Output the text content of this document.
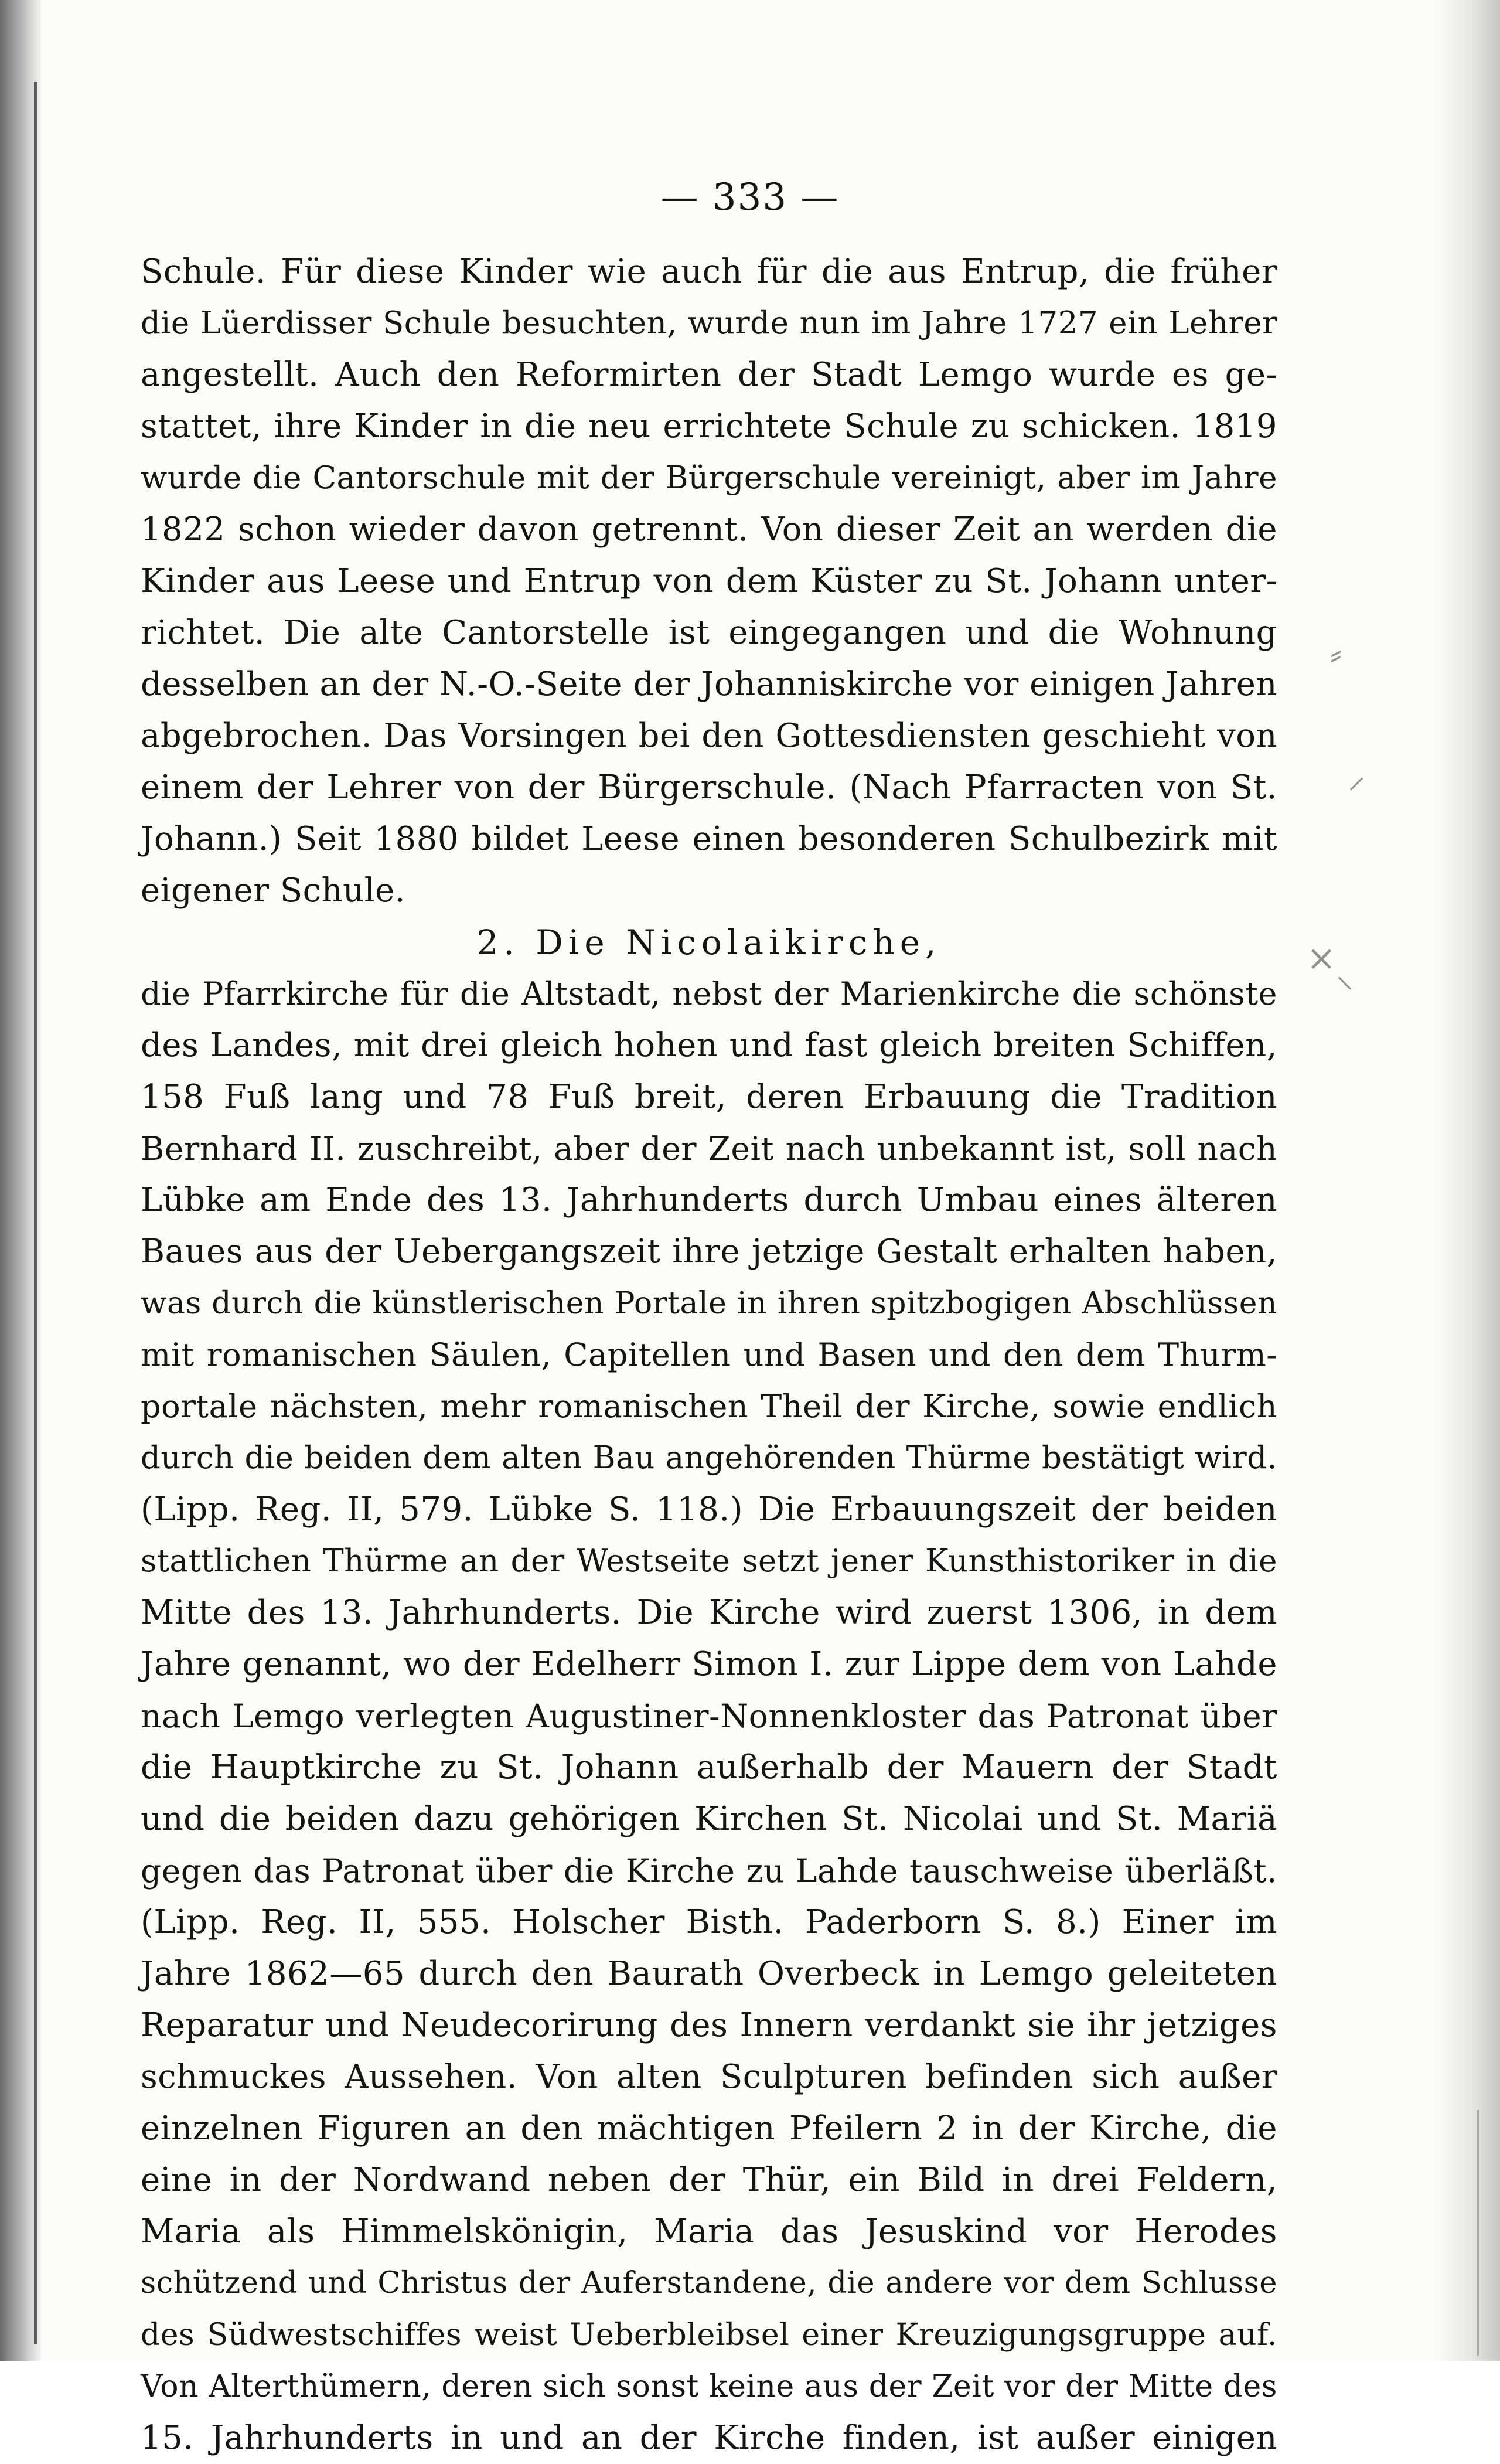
⸗
⸝
⸜
×
— 333 —
Schule. Für diese Kinder wie auch für die aus Entrup, die früher
die Lüerdisser Schule besuchten, wurde nun im Jahre 1727 ein Lehrer
angestellt. Auch den Reformirten der Stadt Lemgo wurde es ge-
stattet, ihre Kinder in die neu errichtete Schule zu schicken. 1819
wurde die Cantorschule mit der Bürgerschule vereinigt, aber im Jahre
1822 schon wieder davon getrennt. Von dieser Zeit an werden die
Kinder aus Leese und Entrup von dem Küster zu St. Johann unter-
richtet. Die alte Cantorstelle ist eingegangen und die Wohnung
desselben an der N.-O.-Seite der Johanniskirche vor einigen Jahren
abgebrochen. Das Vorsingen bei den Gottesdiensten geschieht von
einem der Lehrer von der Bürgerschule. (Nach Pfarracten von St.
Johann.) Seit 1880 bildet Leese einen besonderen Schulbezirk mit
eigener Schule.
2. Die Nicolaikirche,
die Pfarrkirche für die Altstadt, nebst der Marienkirche die schönste
des Landes, mit drei gleich hohen und fast gleich breiten Schiffen,
158 Fuß lang und 78 Fuß breit, deren Erbauung die Tradition
Bernhard II. zuschreibt, aber der Zeit nach unbekannt ist, soll nach
Lübke am Ende des 13. Jahrhunderts durch Umbau eines älteren
Baues aus der Uebergangszeit ihre jetzige Gestalt erhalten haben,
was durch die künstlerischen Portale in ihren spitzbogigen Abschlüssen
mit romanischen Säulen, Capitellen und Basen und den dem Thurm-
portale nächsten, mehr romanischen Theil der Kirche, sowie endlich
durch die beiden dem alten Bau angehörenden Thürme bestätigt wird.
(Lipp. Reg. II, 579. Lübke S. 118.) Die Erbauungszeit der beiden
stattlichen Thürme an der Westseite setzt jener Kunsthistoriker in die
Mitte des 13. Jahrhunderts. Die Kirche wird zuerst 1306, in dem
Jahre genannt, wo der Edelherr Simon I. zur Lippe dem von Lahde
nach Lemgo verlegten Augustiner-Nonnenkloster das Patronat über
die Hauptkirche zu St. Johann außerhalb der Mauern der Stadt
und die beiden dazu gehörigen Kirchen St. Nicolai und St. Mariä
gegen das Patronat über die Kirche zu Lahde tauschweise überläßt.
(Lipp. Reg. II, 555. Holscher Bisth. Paderborn S. 8.) Einer im
Jahre 1862—65 durch den Baurath Overbeck in Lemgo geleiteten
Reparatur und Neudecorirung des Innern verdankt sie ihr jetziges
schmuckes Aussehen. Von alten Sculpturen befinden sich außer
einzelnen Figuren an den mächtigen Pfeilern 2 in der Kirche, die
eine in der Nordwand neben der Thür, ein Bild in drei Feldern,
Maria als Himmelskönigin, Maria das Jesuskind vor Herodes
schützend und Christus der Auferstandene, die andere vor dem Schlusse
des Südwestschiffes weist Ueberbleibsel einer Kreuzigungsgruppe auf.
Von Alterthümern, deren sich sonst keine aus der Zeit vor der Mitte des
15. Jahrhunderts in und an der Kirche finden, ist außer einigen
